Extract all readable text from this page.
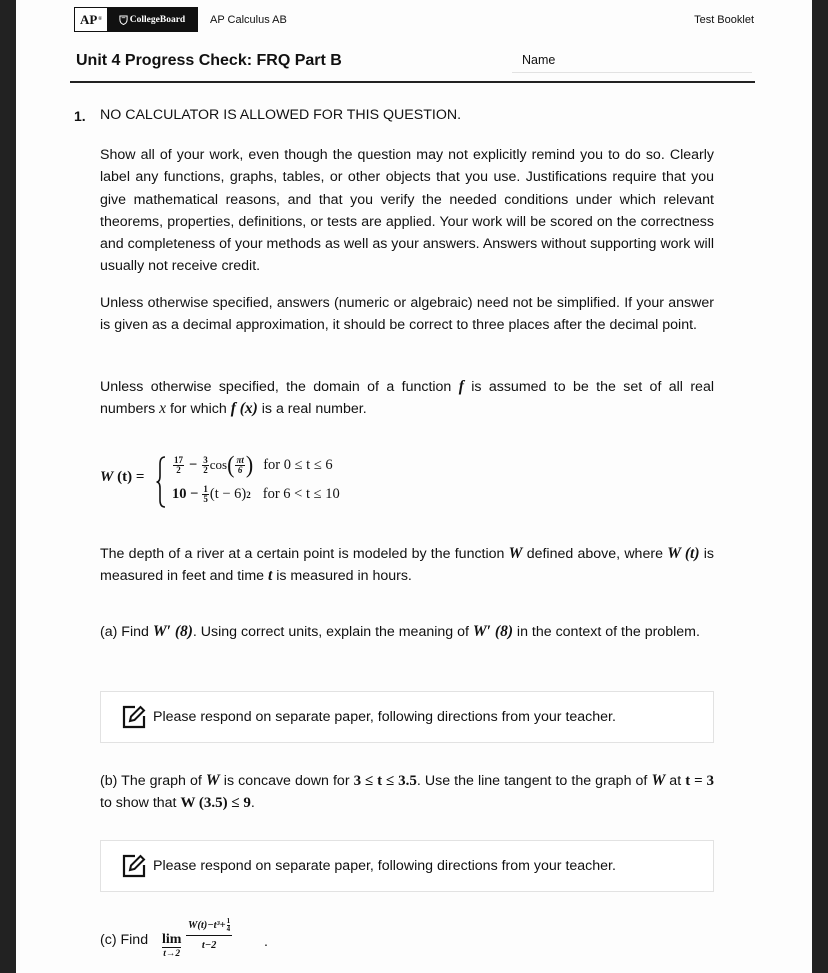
AP ®	CollegeBoard AP Calculus AB	Test Booklet
Unit 4 Progress Check: FRQ Part B	Name
1. NO CALCULATOR IS ALLOWED FOR THIS QUESTION.

Show all of your work, even though the question may not explicitly remind you to do so. Clearly label any functions, graphs, tables, or other objects that you use. Justifications require that you give mathematical reasons, and that you verify the needed conditions under which relevant theorems, properties, definitions, or tests are applied. Your work will be scored on the correctness and completeness of your methods as well as your answers. Answers without supporting work will usually not receive credit.

Unless otherwise specified, answers (numeric or algebraic) need not be simplified. If your answer is given as a decimal approximation, it should be correct to three places after the decimal point.

Unless otherwise specified, the domain of a function f is assumed to be the set of all real numbers x for which f (x) is a real number.

W (t) =
$\frac{17}{2} - \frac{3}{2}$ cos ( $\frac{\pi t}{6}$ ) for 0 ≤ t ≤ 6
$10 - \frac{1}{5} (t - 6)$ 2 for 6 < t ≤ 10

The depth of a river at a certain point is modeled by the function W defined above, where W (t) is measured in feet and time t is measured in hours.

(a) Find W′ (8). Using correct units, explain the meaning of W′ (8) in the context of the problem.

Please respond on separate paper, following directions from your teacher.

(b) The graph of W is concave down for 3 ≤ t ≤ 3.5. Use the line tangent to the graph of W at t = 3 to show that W (3.5) ≤ 9.

Please respond on separate paper, following directions from your teacher.
(c) Find lim
t→2
$\frac{W(t)-t^3+ \frac{1}{4}}{t-2}$ .
